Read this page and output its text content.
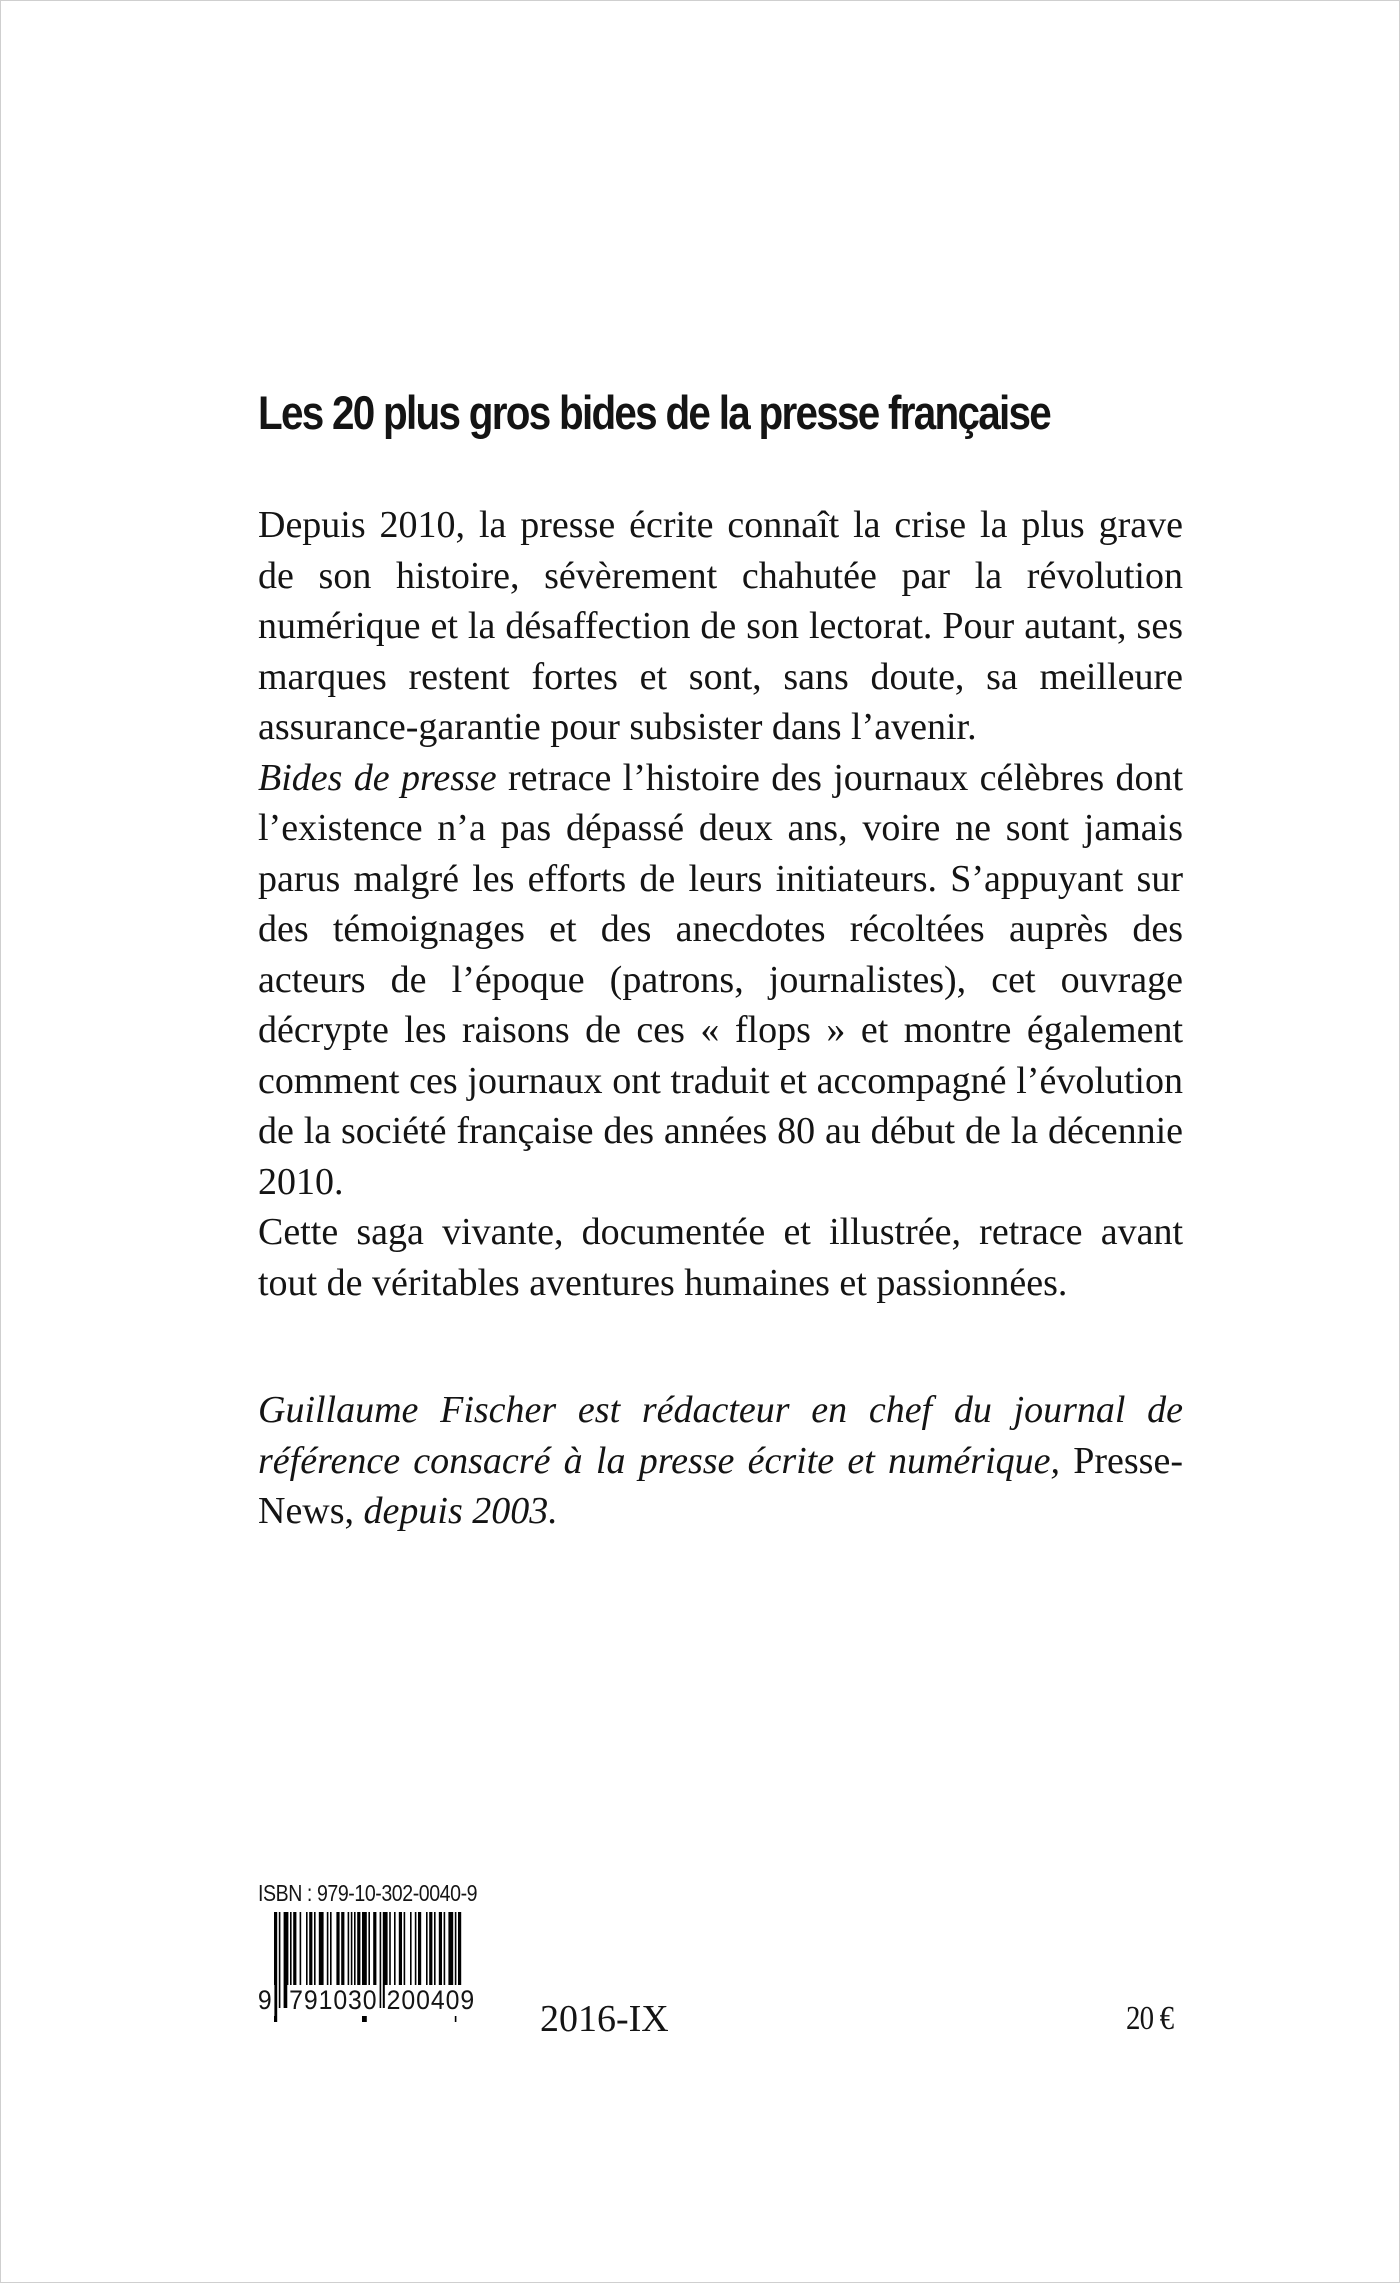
Les 20 plus gros bides de la presse française

Depuis 2010, la presse écrite connaît la crise la plus grave de son histoire, sévèrement chahutée par la révolution numérique et la désaffection de son lectorat. Pour autant, ses marques restent fortes et sont, sans doute, sa meilleure assurance-garantie pour subsister dans l’avenir.

Bides de presse retrace l’histoire des journaux célèbres dont l’existence n’a pas dépassé deux ans, voire ne sont jamais parus malgré les efforts de leurs initiateurs. S’appuyant sur des témoignages et des anecdotes récoltées auprès des acteurs de l’époque (patrons, journalistes), cet ouvrage décrypte les raisons de ces « flops » et montre également comment ces journaux ont traduit et accompagné l’évolution de la société française des années 80 au début de la décennie 2010.

Cette saga vivante, documentée et illustrée, retrace avant tout de véritables aventures humaines et passionnées.

Guillaume Fischer est rédacteur en chef du journal de référence consacré à la presse écrite et numérique, Presse-News, depuis 2003.
ISBN : 979-10-302-0040-9
9 791030 200409 2016-IX	20 €
